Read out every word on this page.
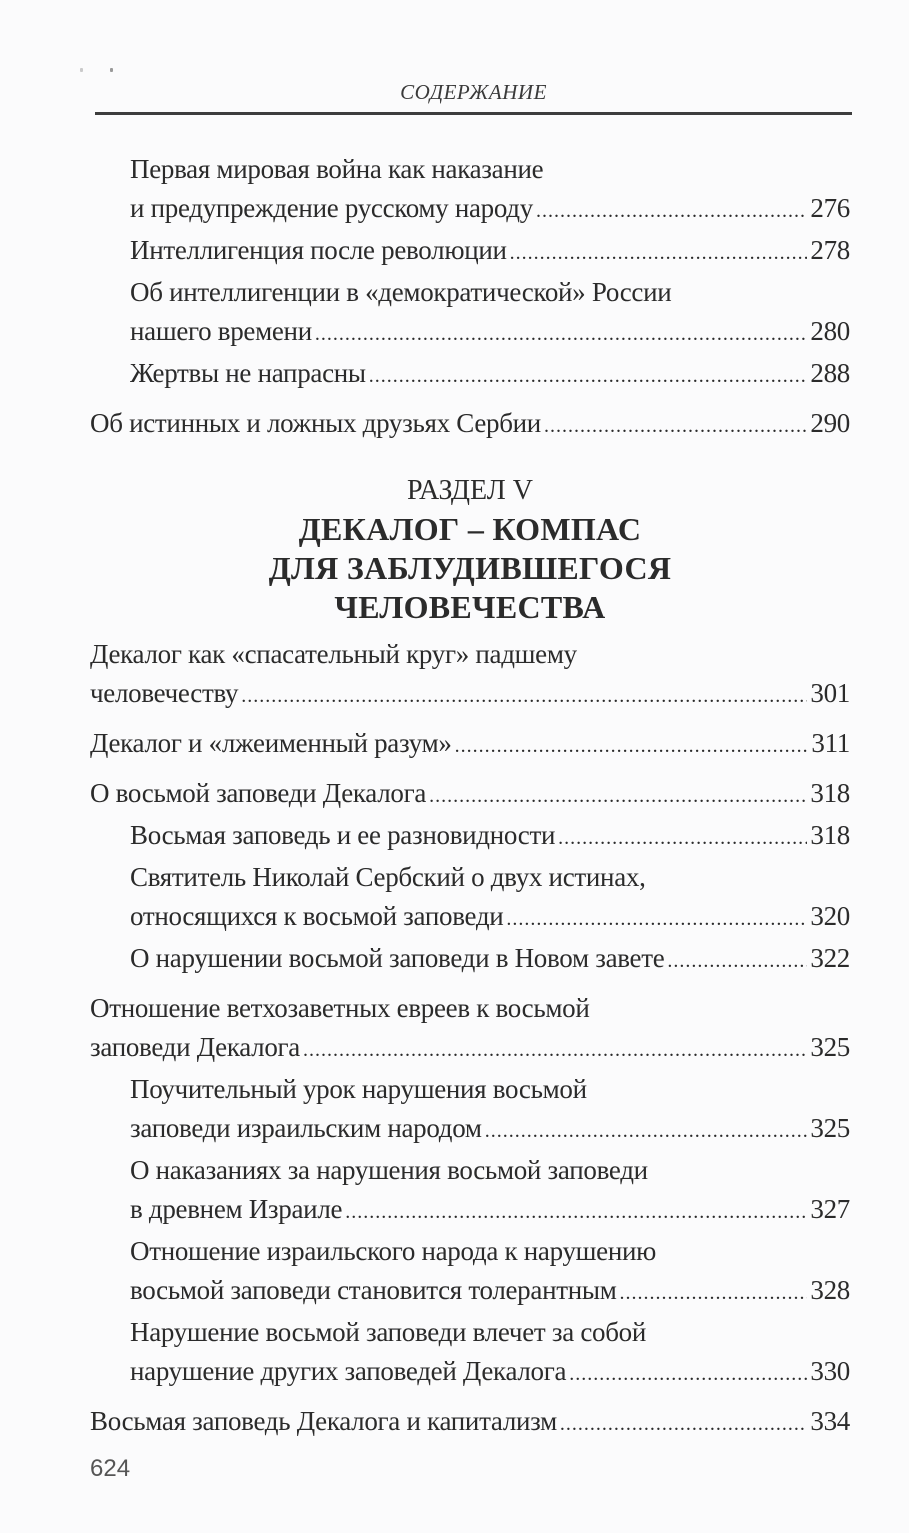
СОДЕРЖАНИЕ
Первая мировая война как наказание
и предупреждение русскому народу .....	276
Интеллигенция после революции .....	278
Об интеллигенции в «демократической» России
нашего времени .....	280
Жертвы не напрасны .....	288
Об истинных и ложных друзьях Сербии .....	290
РАЗДЕЛ V
ДЕКАЛОГ – КОМПАС
ДЛЯ ЗАБЛУДИВШЕГОСЯ
ЧЕЛОВЕЧЕСТВА
Декалог как «спасательный круг» падшему
человечеству .....	301
Декалог и «лжеименный разум» .....	311
О восьмой заповеди Декалога .....	318
Восьмая заповедь и ее разновидности .....	318
Святитель Николай Сербский о двух истинах,
относящихся к восьмой заповеди .....	320
О нарушении восьмой заповеди в Новом завете .....	322
Отношение ветхозаветных евреев к восьмой
заповеди Декалога .....	325
Поучительный урок нарушения восьмой
заповеди израильским народом .....	325
О наказаниях за нарушения восьмой заповеди
в древнем Израиле .....	327
Отношение израильского народа к нарушению
восьмой заповеди становится толерантным .....	328
Нарушение восьмой заповеди влечет за собой
нарушение других заповедей Декалога .....	330
Восьмая заповедь Декалога и капитализм .....	334
624
